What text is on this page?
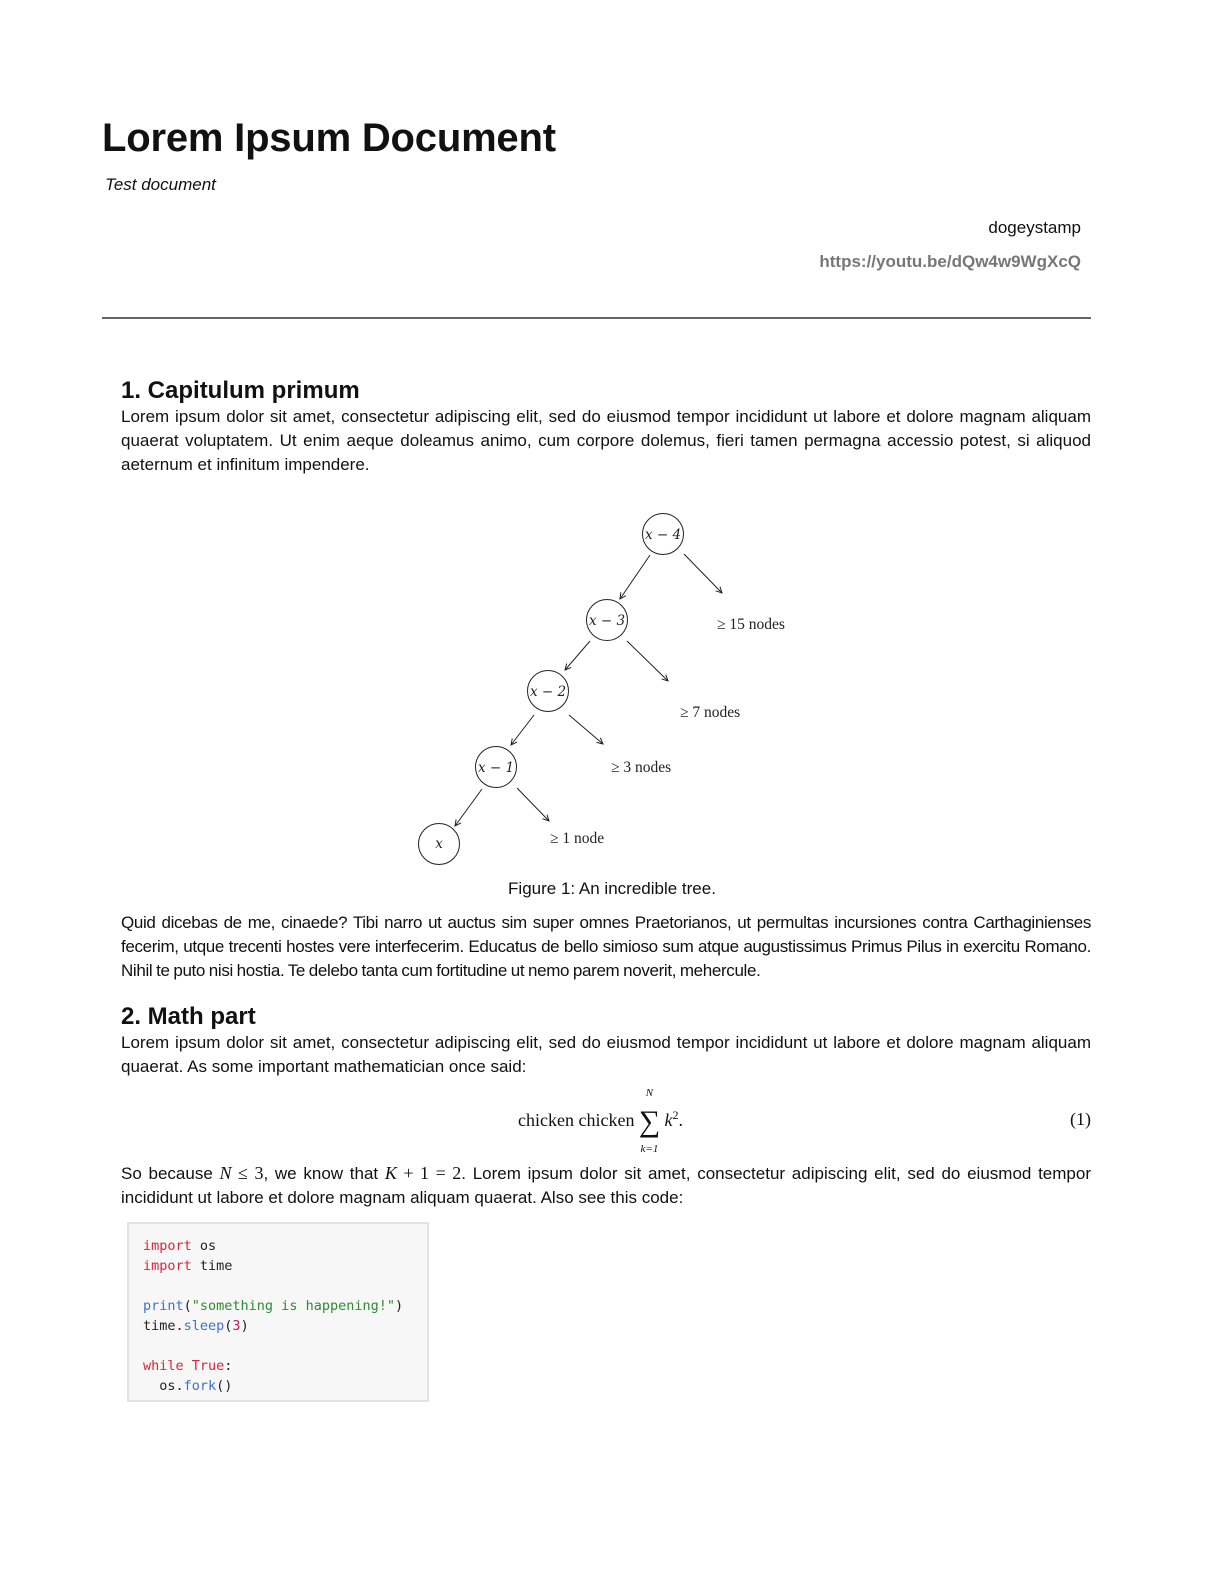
Lorem Ipsum Document
Test document
dogeystamp
https://youtu.be/dQw4w9WgXcQ
1. Capitulum primum

Lorem ipsum dolor sit amet, consectetur adipiscing elit, sed do eiusmod tempor incididunt ut labore et dolore magnam aliquam quaerat voluptatem. Ut enim aeque doleamus animo, cum corpore dolemus, fieri tamen permagna accessio potest, si aliquod aeternum et infinitum impendere.

x − 4
x − 3
x − 2
x − 1
x
≥ 15 nodes
≥ 7 nodes
≥ 3 nodes
≥ 1 node
Figure 1: An incredible tree.

Quid dicebas de me, cinaede? Tibi narro ut auctus sim super omnes Praetorianos, ut permultas incursiones contra Carthaginienses fecerim, utque trecenti hostes vere interfecerim. Educatus de bello simioso sum atque augustissimus Primus Pilus in exercitu Romano. Nihil te puto nisi hostia. Te delebo tanta cum fortitudine ut nemo parem noverit, mehercule.

2. Math part

Lorem ipsum dolor sit amet, consectetur adipiscing elit, sed do eiusmod tempor incididunt ut labore et dolore magnam aliquam quaerat. As some important mathematician once said:

chicken chicken
N
∑
k=1
$k^2$.	(1)

So because N ≤ 3, we know that K + 1 = 2. Lorem ipsum dolor sit amet, consectetur adipiscing elit, sed do eiusmod tempor incididunt ut labore et dolore magnam aliquam quaerat. Also see this code:

import os
import time

print("something is happening!")
time.sleep(3)

while True:
os.fork()
